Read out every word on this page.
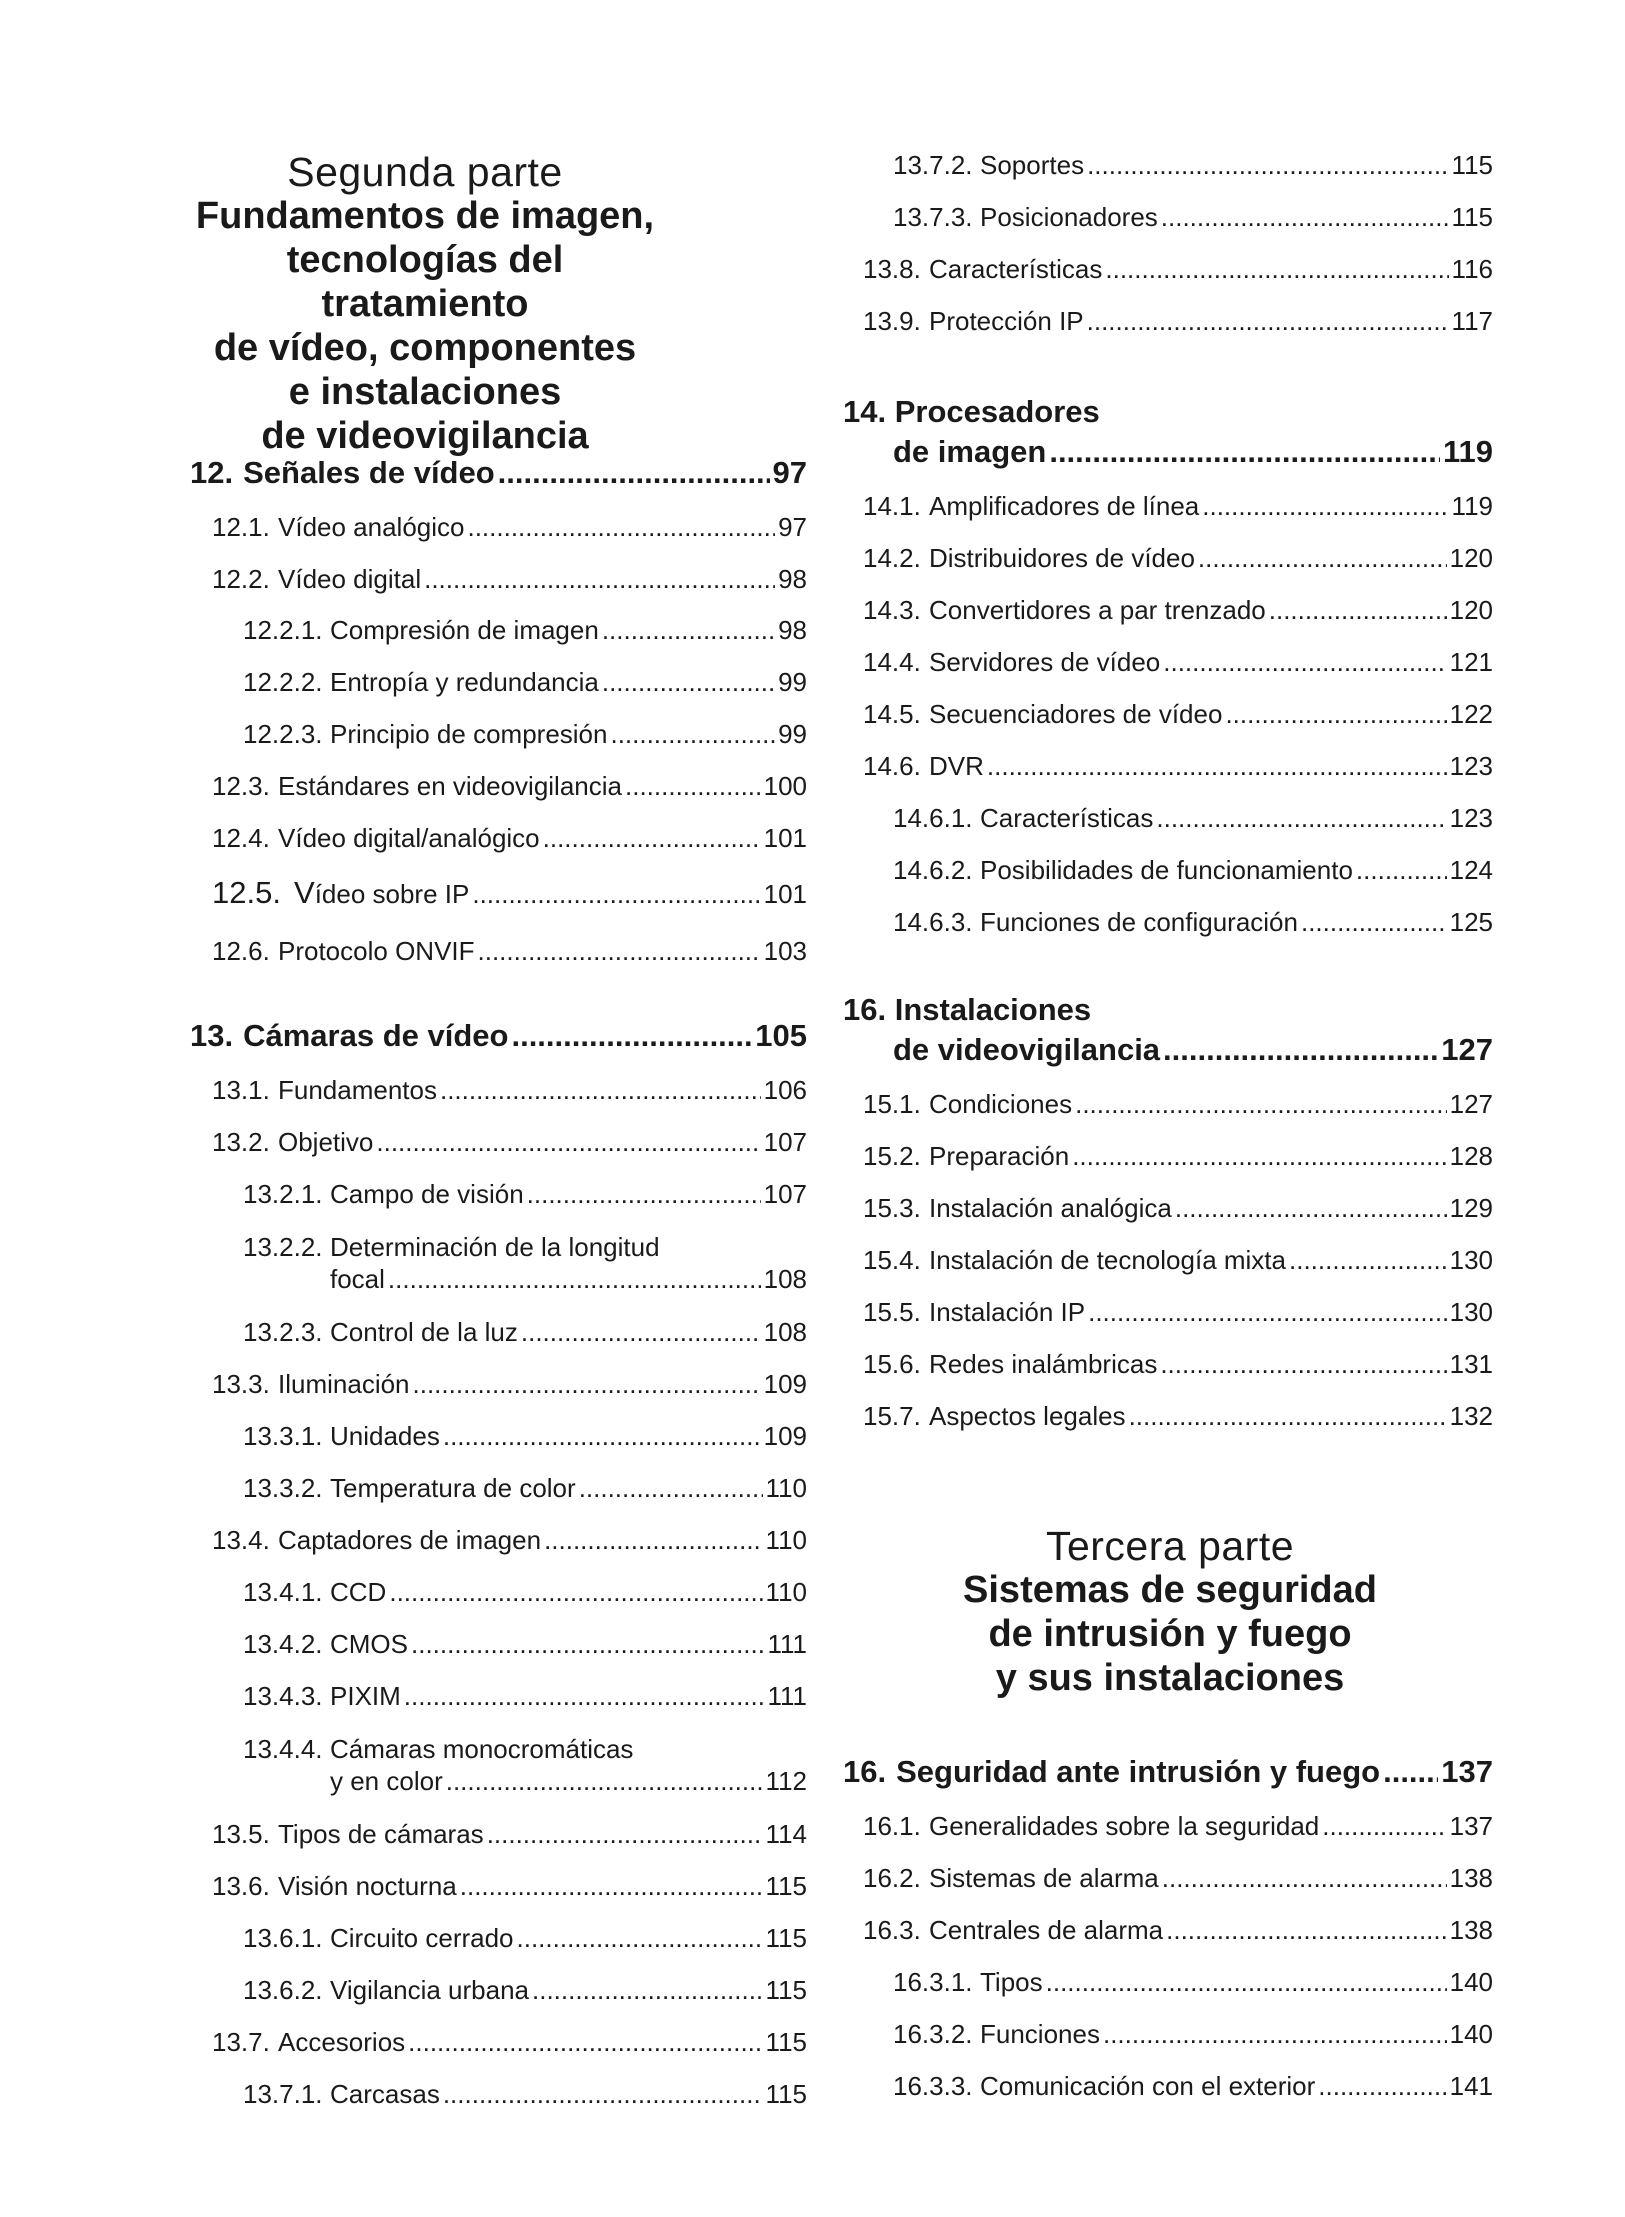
Segunda parte
Fundamentos de imagen,
tecnologías del tratamiento
de vídeo, componentes
e instalaciones
de videovigilancia
12. Señales de vídeo .....	97
12.1. Vídeo analógico .....	97
12.2. Vídeo digital .....	98
12.2.1. Compresión de imagen .....	98
12.2.2. Entropía y redundancia .....	99
12.2.3. Principio de compresión .....	99
12.3. Estándares en videovigilancia .....	100
12.4. Vídeo digital/analógico .....	101
12.5. Vídeo sobre IP .....	101
12.6. Protocolo ONVIF .....	103
13. Cámaras de vídeo .....	105
13.1. Fundamentos .....	106
13.2. Objetivo .....	107
13.2.1. Campo de visión .....	107
13.2.2. Determinación de la longitud
focal .....	108
13.2.3. Control de la luz .....	108
13.3. Iluminación .....	109
13.3.1. Unidades .....	109
13.3.2. Temperatura de color .....	110
13.4. Captadores de imagen .....	110
13.4.1. CCD .....	110
13.4.2. CMOS .....	111
13.4.3. PIXIM .....	111
13.4.4. Cámaras monocromáticas
y en color .....	112
13.5. Tipos de cámaras .....	114
13.6. Visión nocturna .....	115
13.6.1. Circuito cerrado .....	115
13.6.2. Vigilancia urbana .....	115
13.7. Accesorios .....	115
13.7.1. Carcasas .....	115
13.7.2. Soportes .....	115
13.7.3. Posicionadores .....	115
13.8. Características .....	116
13.9. Protección IP .....	117
14. Procesadores
de imagen .....	119
14.1. Amplificadores de línea .....	119
14.2. Distribuidores de vídeo .....	120
14.3. Convertidores a par trenzado .....	120
14.4. Servidores de vídeo .....	121
14.5. Secuenciadores de vídeo .....	122
14.6. DVR .....	123
14.6.1. Características .....	123
14.6.2. Posibilidades de funcionamiento .....	124
14.6.3. Funciones de configuración .....	125
16. Instalaciones
de videovigilancia .....	127
15.1. Condiciones .....	127
15.2. Preparación .....	128
15.3. Instalación analógica .....	129
15.4. Instalación de tecnología mixta .....	130
15.5. Instalación IP .....	130
15.6. Redes inalámbricas .....	131
15.7. Aspectos legales .....	132
Tercera parte
Sistemas de seguridad
de intrusión y fuego
y sus instalaciones
16. Seguridad ante intrusión y fuego ..... 137
16.1. Generalidades sobre la seguridad .....	137
16.2. Sistemas de alarma .....	138
16.3. Centrales de alarma .....	138
16.3.1. Tipos .....	140
16.3.2. Funciones .....	140
16.3.3. Comunicación con el exterior .....	141
